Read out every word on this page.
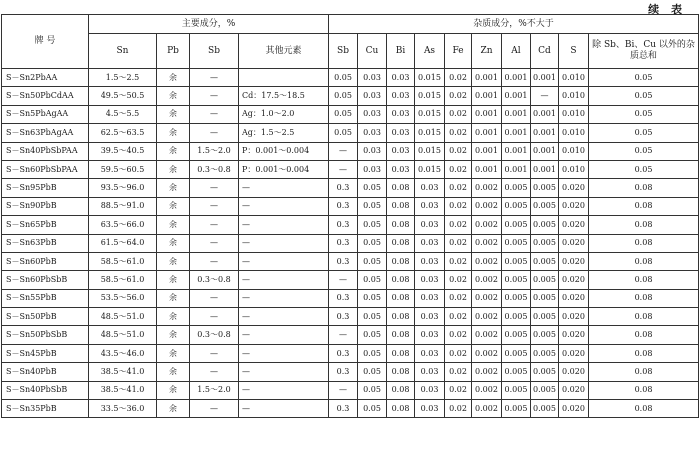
续 表
牌 号	主要成分，%				杂质成分，%不大于									
	Sn	Pb	Sb	其他元素	Sb	Cu	Bi	As	Fe	Zn	Al	Cd	S	除 Sb、Bi、Cu 以外的杂质总和
S－Sn2PbAA	1.5～2.5	余	—		0.05	0.03	0.03	0.015	0.02	0.001	0.001	0.001	0.010	0.05
S－Sn50PbCdAA	49.5～50.5	余	—	Cd：17.5～18.5	0.05	0.03	0.03	0.015	0.02	0.001	0.001	—	0.010	0.05
S－Sn5PbAgAA	4.5～5.5	余	—	Ag：1.0～2.0	0.05	0.03	0.03	0.015	0.02	0.001	0.001	0.001	0.010	0.05
S－Sn63PbAgAA	62.5～63.5	余	—	Ag：1.5～2.5	0.05	0.03	0.03	0.015	0.02	0.001	0.001	0.001	0.010	0.05
S－Sn40PbSbPAA	39.5～40.5	余	1.5～2.0	P：0.001～0.004	—	0.03	0.03	0.015	0.02	0.001	0.001	0.001	0.010	0.05
S－Sn60PbSbPAA	59.5～60.5	余	0.3～0.8	P：0.001～0.004	—	0.03	0.03	0.015	0.02	0.001	0.001	0.001	0.010	0.05
S－Sn95PbB	93.5～96.0	余	—	—	0.3	0.05	0.08	0.03	0.02	0.002	0.005	0.005	0.020	0.08
S－Sn90PbB	88.5～91.0	余	—	—	0.3	0.05	0.08	0.03	0.02	0.002	0.005	0.005	0.020	0.08
S－Sn65PbB	63.5～66.0	余	—	—	0.3	0.05	0.08	0.03	0.02	0.002	0.005	0.005	0.020	0.08
S－Sn63PbB	61.5～64.0	余	—	—	0.3	0.05	0.08	0.03	0.02	0.002	0.005	0.005	0.020	0.08
S－Sn60PbB	58.5～61.0	余	—	—	0.3	0.05	0.08	0.03	0.02	0.002	0.005	0.005	0.020	0.08
S－Sn60PbSbB	58.5～61.0	余	0.3～0.8	—	—	0.05	0.08	0.03	0.02	0.002	0.005	0.005	0.020	0.08
S－Sn55PbB	53.5～56.0	余	—	—	0.3	0.05	0.08	0.03	0.02	0.002	0.005	0.005	0.020	0.08
S－Sn50PbB	48.5～51.0	余	—	—	0.3	0.05	0.08	0.03	0.02	0.002	0.005	0.005	0.020	0.08
S－Sn50PbSbB	48.5～51.0	余	0.3～0.8	—	—	0.05	0.08	0.03	0.02	0.002	0.005	0.005	0.020	0.08
S－Sn45PbB	43.5～46.0	余	—	—	0.3	0.05	0.08	0.03	0.02	0.002	0.005	0.005	0.020	0.08
S－Sn40PbB	38.5～41.0	余	—	—	0.3	0.05	0.08	0.03	0.02	0.002	0.005	0.005	0.020	0.08
S－Sn40PbSbB	38.5～41.0	余	1.5～2.0	—	—	0.05	0.08	0.03	0.02	0.002	0.005	0.005	0.020	0.08
S－Sn35PbB	33.5～36.0	余	—	—	0.3	0.05	0.08	0.03	0.02	0.002	0.005	0.005	0.020	0.08
